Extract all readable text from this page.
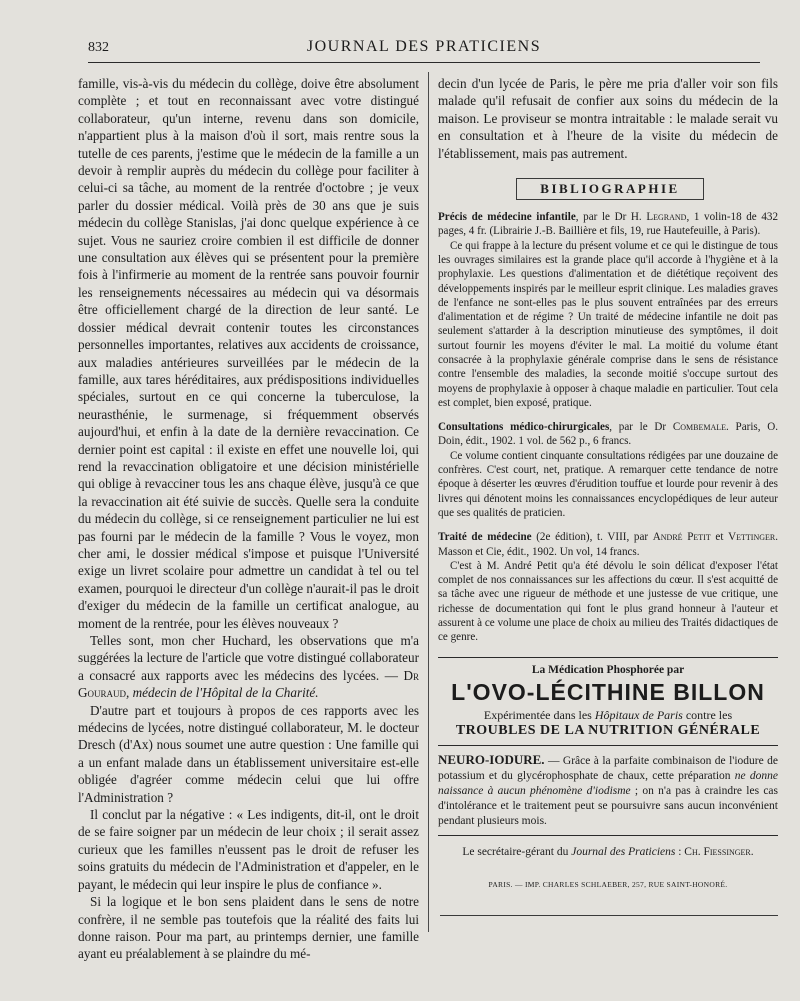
832	JOURNAL DES PRATICIENS

famille, vis-à-vis du médecin du collège, doive être absolument complète ; et tout en reconnaissant avec votre distingué collaborateur, qu'un interne, revenu dans son domicile, n'appartient plus à la maison d'où il sort, mais rentre sous la tutelle de ces parents, j'estime que le médecin de la famille a un devoir à remplir auprès du médecin du collège pour faciliter à celui-ci sa tâche, au moment de la rentrée d'octobre ; je veux parler du dossier médical. Voilà près de 30 ans que je suis médecin du collège Stanislas, j'ai donc quelque expérience à ce sujet. Vous ne sauriez croire combien il est difficile de donner une consultation aux élèves qui se présentent pour la première fois à l'infirmerie au moment de la rentrée sans pouvoir fournir les renseignements nécessaires au médecin qui va désormais être officiellement chargé de la direction de leur santé. Le dossier médical devrait contenir toutes les circonstances personnelles importantes, relatives aux accidents de croissance, aux maladies antérieures surveillées par le médecin de la famille, aux tares héréditaires, aux prédispositions individuelles spéciales, surtout en ce qui concerne la tuberculose, la neurasthénie, le surmenage, si fréquemment observés aujourd'hui, et enfin à la date de la dernière revaccination. Ce dernier point est capital : il existe en effet une nouvelle loi, qui rend la revaccination obligatoire et une décision ministérielle qui oblige à revacciner tous les ans chaque élève, jusqu'à ce que la revaccination ait été suivie de succès. Quelle sera la conduite du médecin du collège, si ce renseignement particulier ne lui est pas fourni par le médecin de la famille ? Vous le voyez, mon cher ami, le dossier médical s'impose et puisque l'Université exige un livret scolaire pour admettre un candidat à tel ou tel examen, pourquoi le directeur d'un collège n'aurait-il pas le droit d'exiger du médecin de la famille un certificat analogue, au moment de la rentrée, pour les élèves nouveaux ?

Telles sont, mon cher Huchard, les observations que m'a suggérées la lecture de l'article que votre distingué collaborateur a consacré aux rapports avec les médecins des lycées. — Dr Gouraud, médecin de l'Hôpital de la Charité.

D'autre part et toujours à propos de ces rapports avec les médecins de lycées, notre distingué collaborateur, M. le docteur Dresch (d'Ax) nous soumet une autre question : Une famille qui a un enfant malade dans un établissement universitaire est-elle obligée d'agréer comme médecin celui que lui offre l'Administration ?

Il conclut par la négative : « Les indigents, dit-il, ont le droit de se faire soigner par un médecin de leur choix ; il serait assez curieux que les familles n'eussent pas le droit de refuser les soins gratuits du médecin de l'Administration et d'appeler, en le payant, le médecin qui leur inspire le plus de confiance ».

Si la logique et le bon sens plaident dans le sens de notre confrère, il ne semble pas toutefois que la réalité des faits lui donne raison. Pour ma part, au printemps dernier, une famille ayant eu préalablement à se plaindre du mé-

decin d'un lycée de Paris, le père me pria d'aller voir son fils malade qu'il refusait de confier aux soins du médecin de la maison. Le proviseur se montra intraitable : le malade serait vu en consultation et à l'heure de la visite du médecin de l'établissement, mais pas autrement.

BIBLIOGRAPHIE

Précis de médecine infantile, par le Dr H. Legrand, 1 volin-18 de 432 pages, 4 fr. (Librairie J.-B. Baillière et fils, 19, rue Hautefeuille, à Paris).

Ce qui frappe à la lecture du présent volume et ce qui le distingue de tous les ouvrages similaires est la grande place qu'il accorde à l'hygiène et à la prophylaxie. Les questions d'alimentation et de diététique reçoivent des développements inspirés par le meilleur esprit clinique. Les maladies graves de l'enfance ne sont-elles pas le plus souvent entraînées par des erreurs d'alimentation et de régime ? Un traité de médecine infantile ne doit pas seulement s'attarder à la description minutieuse des symptômes, il doit surtout fournir les moyens d'éviter le mal. La moitié du volume étant consacrée à la prophylaxie générale comprise dans le sens de résistance contre l'ensemble des maladies, la seconde moitié s'occupe surtout des moyens de prophylaxie à opposer à chaque maladie en particulier. Tout cela est complet, bien exposé, pratique.

Consultations médico-chirurgicales, par le Dr Combemale. Paris, O. Doin, édit., 1902. 1 vol. de 562 p., 6 francs.

Ce volume contient cinquante consultations rédigées par une douzaine de confrères. C'est court, net, pratique. A remarquer cette tendance de notre époque à déserter les œuvres d'érudition touffue et lourde pour revenir à des livres qui dénotent moins les connaissances encyclopédiques de leur auteur que ses qualités de praticien.

Traité de médecine (2e édition), t. VIII, par André Petit et Vettinger. Masson et Cie, édit., 1902. Un vol, 14 francs.

C'est à M. André Petit qu'a été dévolu le soin délicat d'exposer l'état complet de nos connaissances sur les affections du cœur. Il s'est acquitté de sa tâche avec une rigueur de méthode et une justesse de vue critique, une richesse de documentation qui font le plus grand honneur à l'auteur et assurent à ce volume une place de choix au milieu des Traités didactiques de ce genre.

La Médication Phosphorée par
L'OVO-LÉCITHINE BILLON
Expérimentée dans les Hôpitaux de Paris contre les
TROUBLES DE LA NUTRITION GÉNÉRALE
NEURO-IODURE. — Grâce à la parfaite combinaison de l'iodure de potassium et du glycérophosphate de chaux, cette préparation ne donne naissance à aucun phénomène d'iodisme ; on n'a pas à craindre les cas d'intolérance et le traitement peut se poursuivre sans aucun inconvénient pendant plusieurs mois.
Le secrétaire-gérant du Journal des Praticiens : Ch. Fiessinger.
PARIS. — IMP. CHARLES SCHLAEBER, 257, RUE SAINT-HONORÉ.
